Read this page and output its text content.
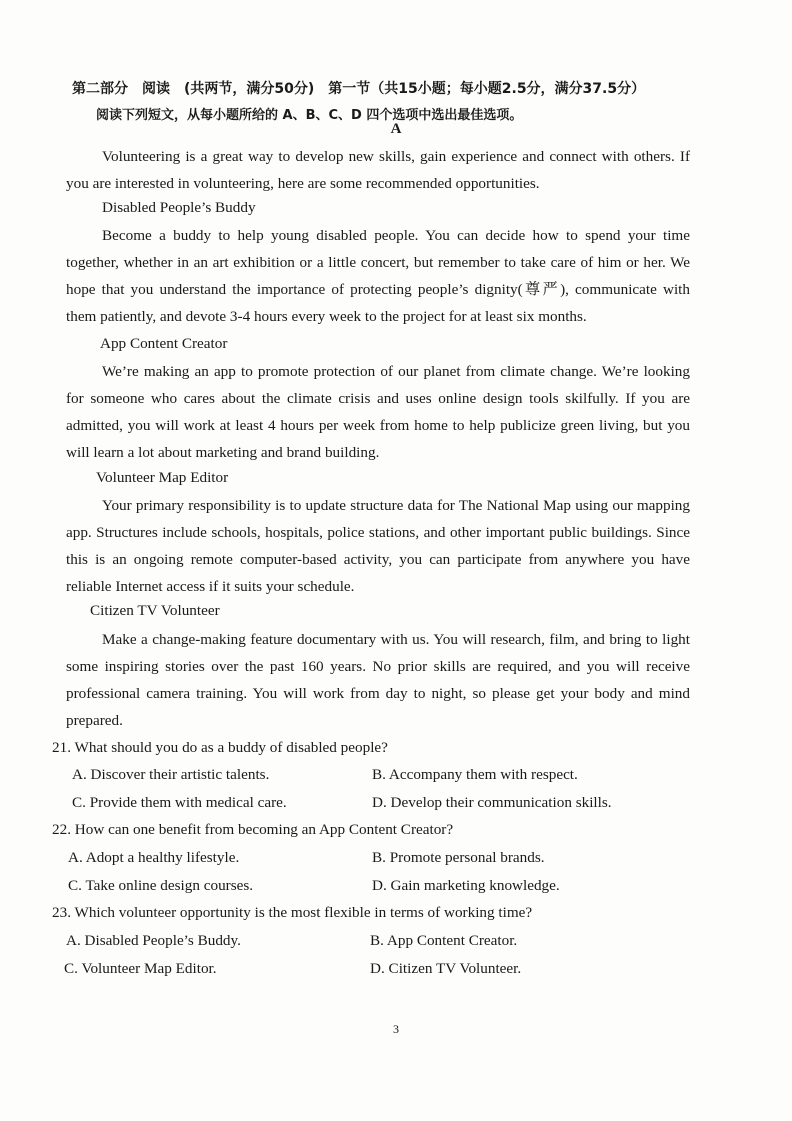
第二部分　阅读　(共两节，满分50分)　第一节（共15小题；每小题2.5分，满分37.5分）
阅读下列短文，从每小题所给的 A、B、C、D 四个选项中选出最佳选项。
A
Volunteering is a great way to develop new skills, gain experience and connect with others. If you are interested in volunteering, here are some recommended opportunities.
Disabled People’s Buddy
Become a buddy to help young disabled people. You can decide how to spend your time together, whether in an art exhibition or a little concert, but remember to take care of him or her. We hope that you understand the importance of protecting people’s dignity(尊严), communicate with them patiently, and devote 3-4 hours every week to the project for at least six months.
App Content Creator
We’re making an app to promote protection of our planet from climate change. We’re looking for someone who cares about the climate crisis and uses online design tools skilfully. If you are admitted, you will work at least 4 hours per week from home to help publicize green living, but you will learn a lot about marketing and brand building.
Volunteer Map Editor
Your primary responsibility is to update structure data for The National Map using our mapping app. Structures include schools, hospitals, police stations, and other important public buildings. Since this is an ongoing remote computer-based activity, you can participate from anywhere you have reliable Internet access if it suits your schedule.
Citizen TV Volunteer
Make a change-making feature documentary with us. You will research, film, and bring to light some inspiring stories over the past 160 years. No prior skills are required, and you will receive professional camera training. You will work from day to night, so please get your body and mind prepared.
21. What should you do as a buddy of disabled people?
A. Discover their artistic talents.	B. Accompany them with respect.
C. Provide them with medical care.	D. Develop their communication skills.
22. How can one benefit from becoming an App Content Creator?
A. Adopt a healthy lifestyle.	B. Promote personal brands.
C. Take online design courses.	D. Gain marketing knowledge.
23. Which volunteer opportunity is the most flexible in terms of working time?
A. Disabled People’s Buddy.	B. App Content Creator.
C. Volunteer Map Editor.	D. Citizen TV Volunteer.
3
